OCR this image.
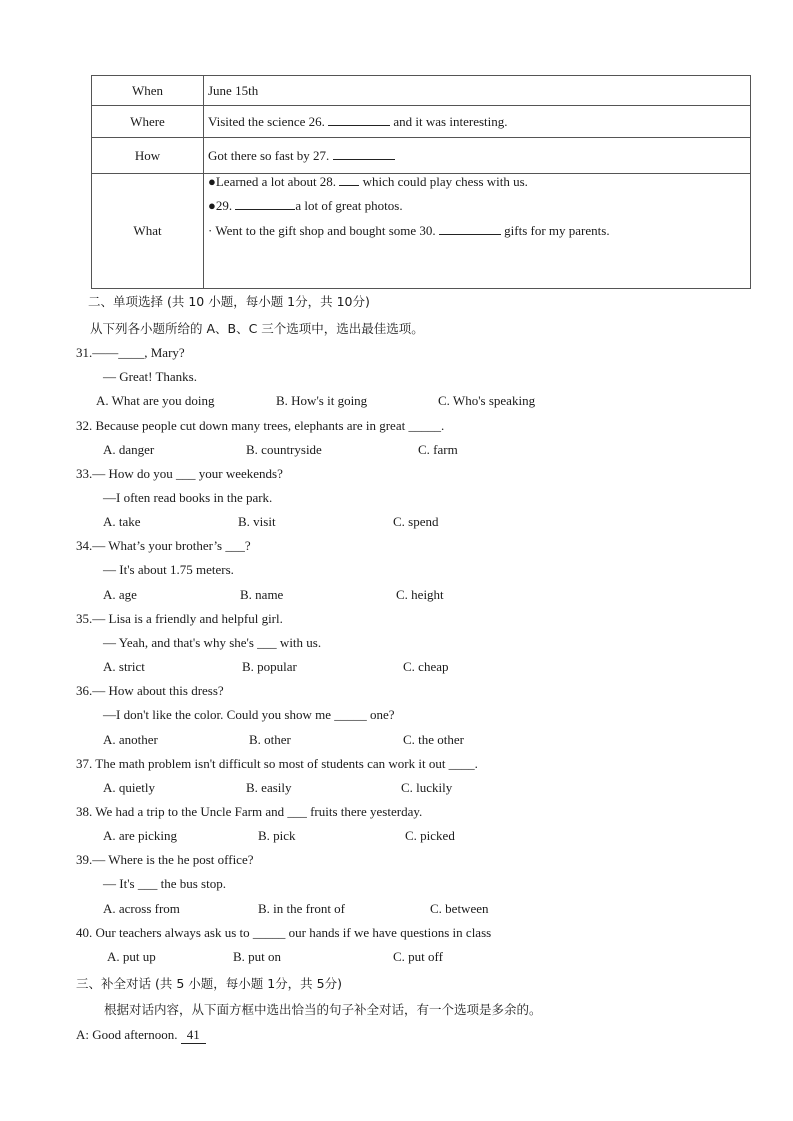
When	June 15th
Where	Visited the science 26. and it was interesting.
How	Got there so fast by 27.
What	●Learned a lot about 28.  which could play chess with us.
●29. a lot of great photos.
· Went to the gift shop and bought some 30. gifts for my parents.
二、单项选择 (共 10 小题，每小题 1分，共 10分)
从下列各小题所给的 A、B、C 三个选项中，选出最佳选项。
31.——____, Mary?
— Great! Thanks.
A. What are you doing	B. How's it going	C. Who's speaking
32. Because people cut down many trees, elephants are in great _____.
A. danger	B. countryside	C. farm
33.— How do you ___ your weekends?
—I often read books in the park.
A. take	B. visit	C. spend
34.— What’s your brother’s ___?
— It's about 1.75 meters.
A. age	B. name	C. height
35.— Lisa is a friendly and helpful girl.
— Yeah, and that's why she's ___ with us.
A. strict	B. popular	C. cheap
36.— How about this dress?
—I don't like the color. Could you show me _____ one?
A. another	B. other	C. the other
37. The math problem isn't difficult so most of students can work it out ____.
A. quietly	B. easily	C. luckily
38. We had a trip to the Uncle Farm and ___ fruits there yesterday.
A. are picking	B. pick	C. picked
39.— Where is the he post office?
— It's ___ the bus stop.
A. across from	B. in the front of	C. between
40. Our teachers always ask us to _____ our hands if we have questions in class
A. put up	B. put on	C. put off
三、补全对话 (共 5 小题，每小题 1分，共 5分)
根据对话内容，从下面方框中选出恰当的句子补全对话，有一个选项是多余的。
A: Good afternoon. 41
